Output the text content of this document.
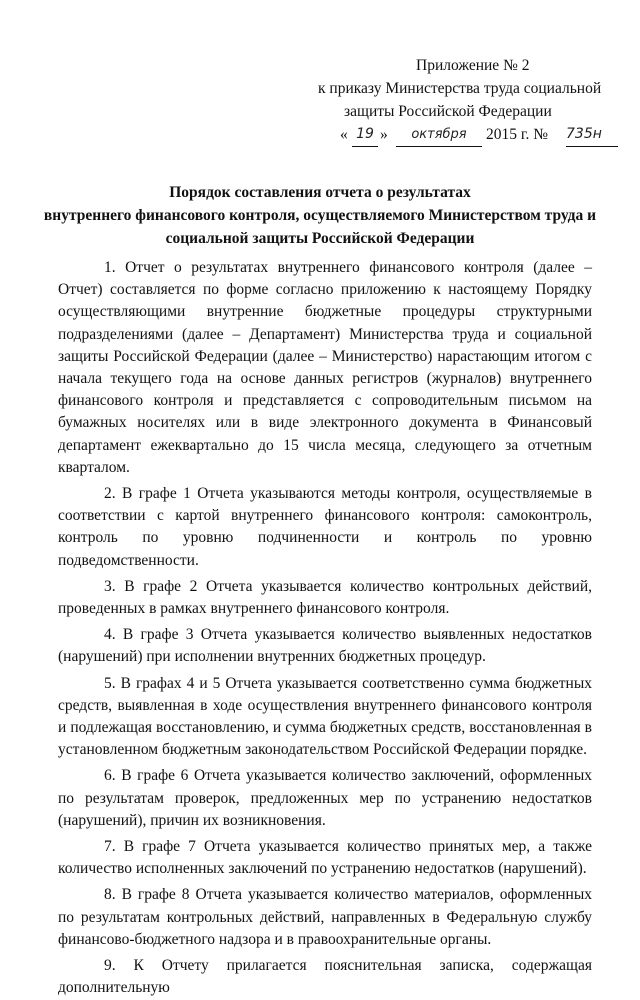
Приложение № 2
к приказу Министерства труда социальной
защиты Российской Федерации
« 19 »	октября	2015 г. № 735н
Порядок составления отчета о результатах
внутреннего финансового контроля, осуществляемого Министерством труда и
социальной защиты Российской Федерации

1. Отчет о результатах внутреннего финансового контроля (далее – Отчет) составляется по форме согласно приложению к настоящему Порядку осуществляющими внутренние бюджетные процедуры структурными подразделениями (далее – Департамент) Министерства труда и социальной защиты Российской Федерации (далее – Министерство) нарастающим итогом с начала текущего года на основе данных регистров (журналов) внутреннего финансового контроля и представляется с сопроводительным письмом на бумажных носителях или в виде электронного документа в Финансовый департамент ежеквартально до 15 числа месяца, следующего за отчетным кварталом.

2. В графе 1 Отчета указываются методы контроля, осуществляемые в соответствии с картой внутреннего финансового контроля: самоконтроль, контроль по уровню подчиненности и контроль по уровню подведомственности.

3. В графе 2 Отчета указывается количество контрольных действий, проведенных в рамках внутреннего финансового контроля.

4. В графе 3 Отчета указывается количество выявленных недостатков (нарушений) при исполнении внутренних бюджетных процедур.

5. В графах 4 и 5 Отчета указывается соответственно сумма бюджетных средств, выявленная в ходе осуществления внутреннего финансового контроля и подлежащая восстановлению, и сумма бюджетных средств, восстановленная в установленном бюджетным законодательством Российской Федерации порядке.

6. В графе 6 Отчета указывается количество заключений, оформленных по результатам проверок, предложенных мер по устранению недостатков (нарушений), причин их возникновения.

7. В графе 7 Отчета указывается количество принятых мер, а также количество исполненных заключений по устранению недостатков (нарушений).

8. В графе 8 Отчета указывается количество материалов, оформленных по результатам контрольных действий, направленных в Федеральную службу финансово-бюджетного надзора и в правоохранительные органы.

9. К Отчету прилагается пояснительная записка, содержащая дополнительную
